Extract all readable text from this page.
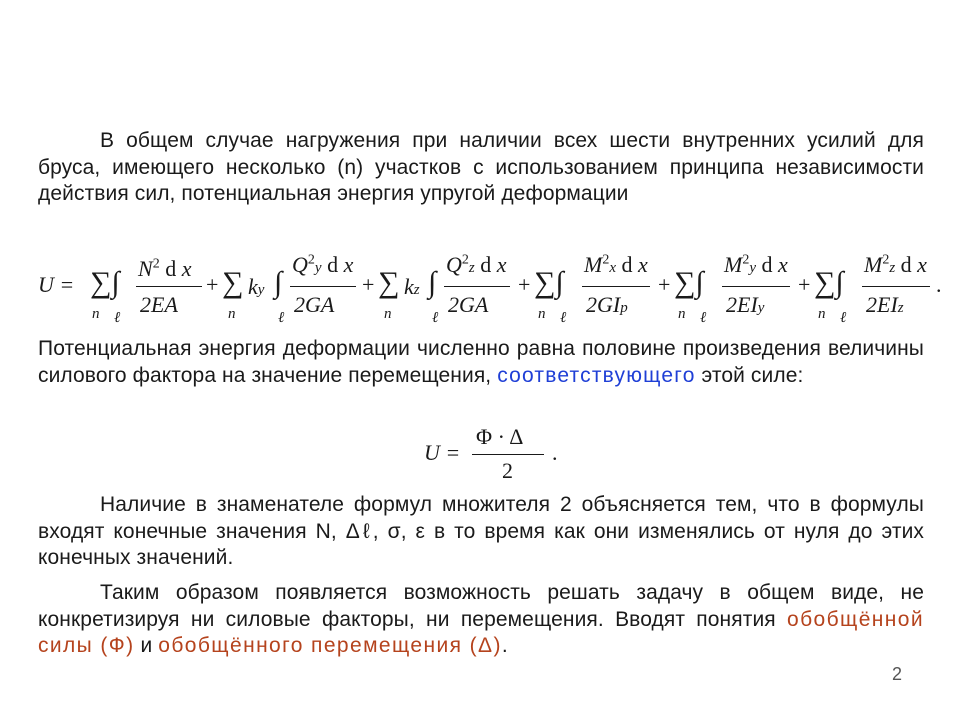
В общем случае нагружения при наличии всех шести внутренних усилий для бруса, имеющего несколько (n) участков с использованием принципа независимости действия сил, потенциальная энергия упругой деформации
U = ∑∫
n ℓ
$N^2$ d x
2EA
+ ∑ ky ∫
n	ℓ
$Q^2y$ d x
2GA
+ ∑ kz ∫
n	ℓ
$Q^2z$ d x
2GA
+ ∑∫
n ℓ
$M^2x$ d x
2GIp
+ ∑∫
n ℓ
$M^2y$ d x
2EIy
+ ∑∫
n ℓ
$M^2z$ d x
2EIz
.
Потенциальная энергия деформации численно равна половине произведения величины силового фактора на значение перемещения, соответствующего этой силе:
U =
Φ · Δ
2
.
Наличие в знаменателе формул множителя 2 объясняется тем, что в формулы входят конечные значения N, Δℓ, σ, ε в то время как они изменялись от нуля до этих конечных значений.
Таким образом появляется возможность решать задачу в общем виде, не конкретизируя ни силовые факторы, ни перемещения. Вводят понятия обобщённой силы (Ф) и обобщённого перемещения (Δ).
2
